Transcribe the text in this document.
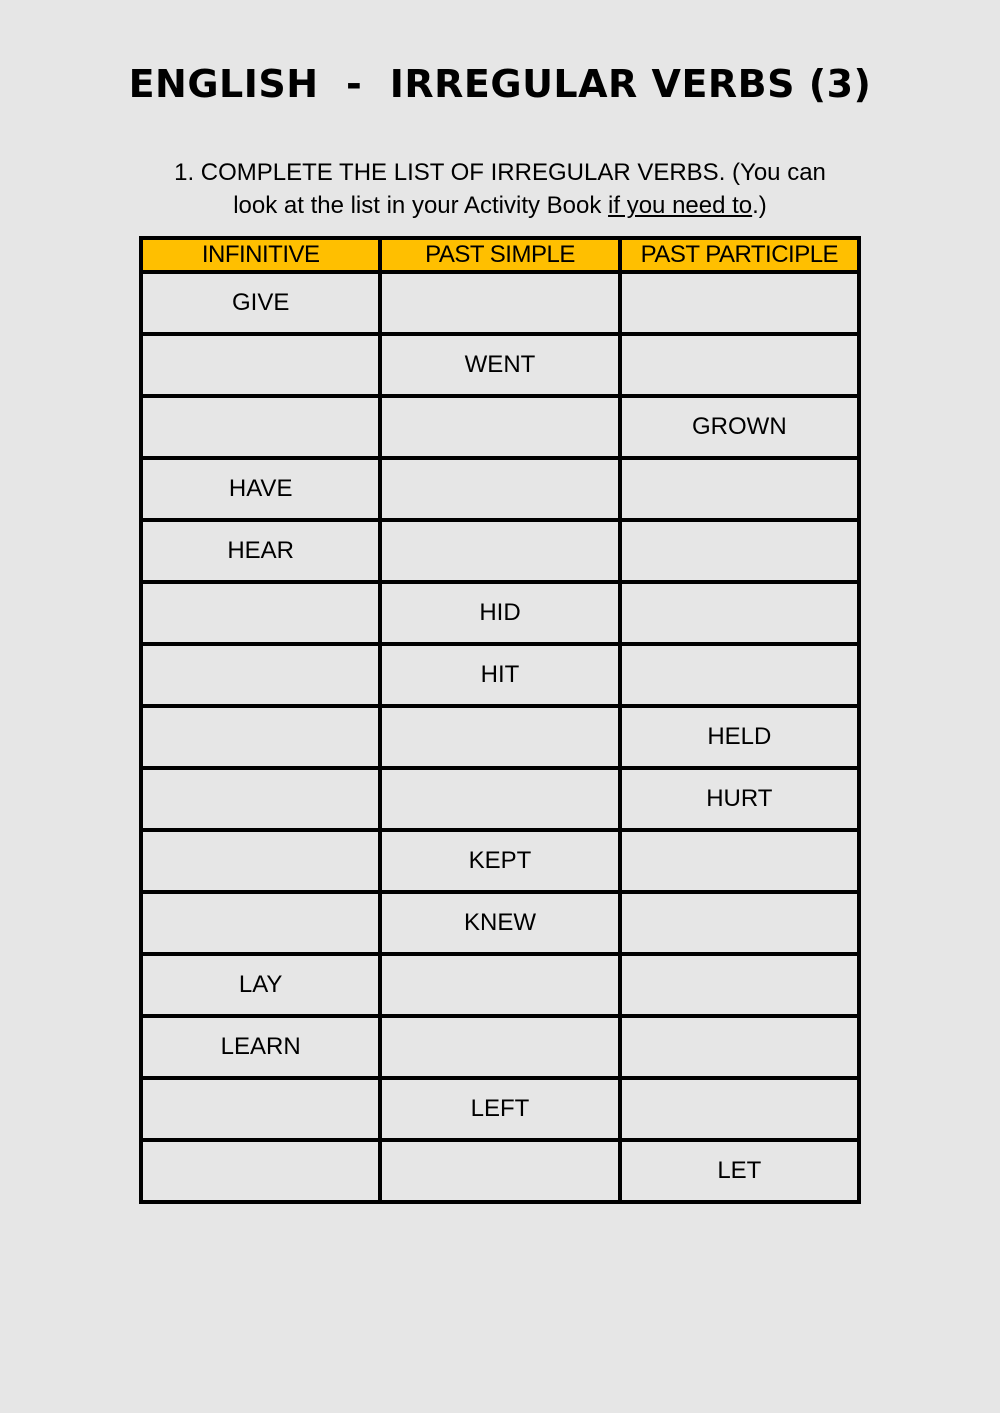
ENGLISH  -  IRREGULAR VERBS (3)
1. COMPLETE THE LIST OF IRREGULAR VERBS. (You can
look at the list in your Activity Book if you need to.)
INFINITIVE	PAST SIMPLE	PAST PARTICIPLE
GIVE		
	WENT	
		GROWN
HAVE		
HEAR		
	HID	
	HIT	
		HELD
		HURT
	KEPT	
	KNEW	
LAY		
LEARN		
	LEFT	
		LET
